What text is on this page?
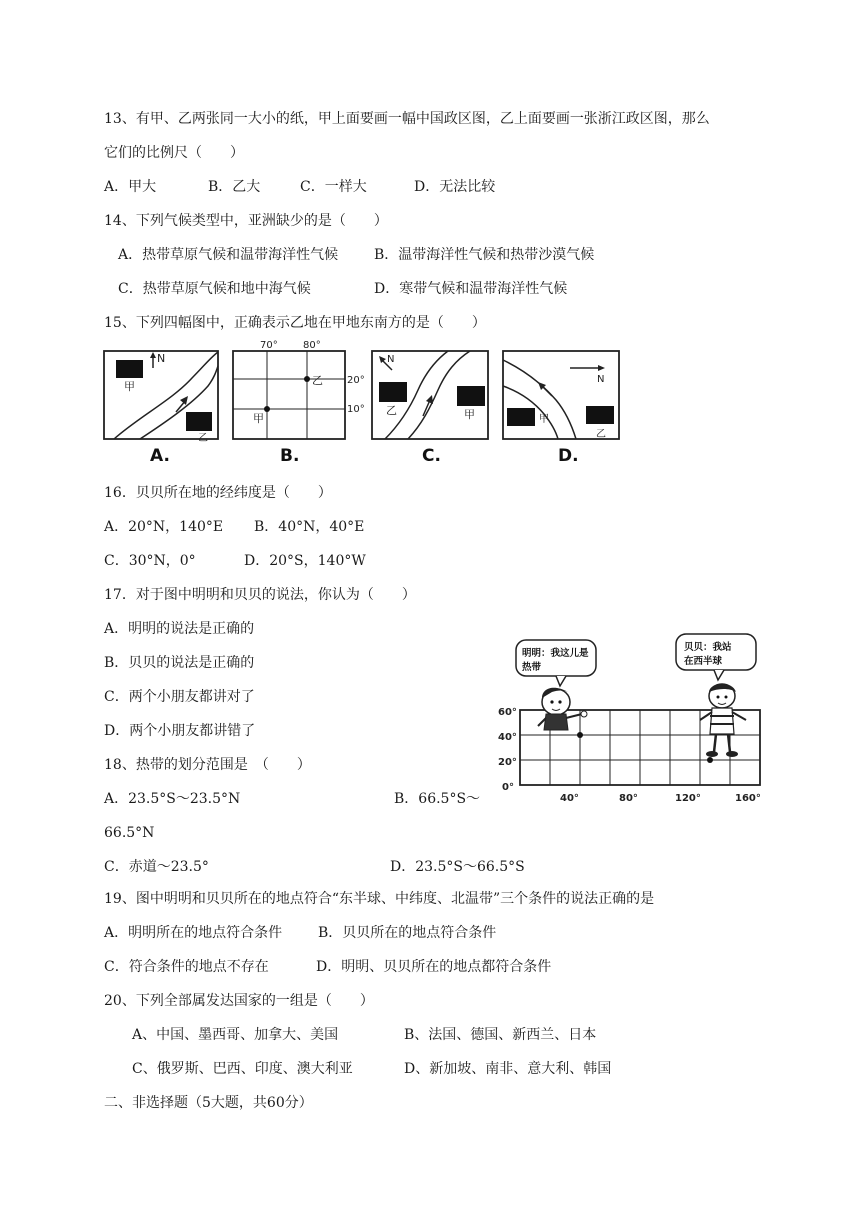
13、有甲、乙两张同一大小的纸，甲上面要画一幅中国政区图，乙上面要画一张浙江政区图，那么
它们的比例尺（　　）
A．甲大	B．乙大	C．一样大	D．无法比较
14、下列气候类型中，亚洲缺少的是（　　）
A．热带草原气候和温带海洋性气候	B．温带海洋性气候和热带沙漠气候
C．热带草原气候和地中海气候	D．寒带气候和温带海洋性气候
15、下列四幅图中，正确表示乙地在甲地东南方的是（　　）
甲
乙
N
A.
70°	80°
乙
甲
20°
10°
B.
N
乙	甲
C.
N
甲
乙
D.
16．贝贝所在地的经纬度是（　　）
A．20°N，140°E B．40°N，40°E
C．30°N，0°	D．20°S，140°W
17．对于图中明明和贝贝的说法，你认为（　　）
A．明明的说法是正确的
B．贝贝的说法是正确的
C．两个小朋友都讲对了
D．两个小朋友都讲错了
60°
40°
20°
0°
40°	80°	120°	160°
明明：我这儿是
热带
贝贝：我站
在西半球
18、热带的划分范围是　（　　）
A．23.5°S～23.5°N	B．66.5°S～
66.5°N
C．赤道～23.5°	D．23.5°S～66.5°S
19、图中明明和贝贝所在的地点符合“东半球、中纬度、北温带”三个条件的说法正确的是
A．明明所在的地点符合条件	B．贝贝所在的地点符合条件
C．符合条件的地点不存在	D．明明、贝贝所在的地点都符合条件
20、下列全部属发达国家的一组是（　　）
A、中国、墨西哥、加拿大、美国	B、法国、德国、新西兰、日本
C、俄罗斯、巴西、印度、澳大利亚	D、新加坡、南非、意大利、韩国
二、非选择题（5大题，共60分）
